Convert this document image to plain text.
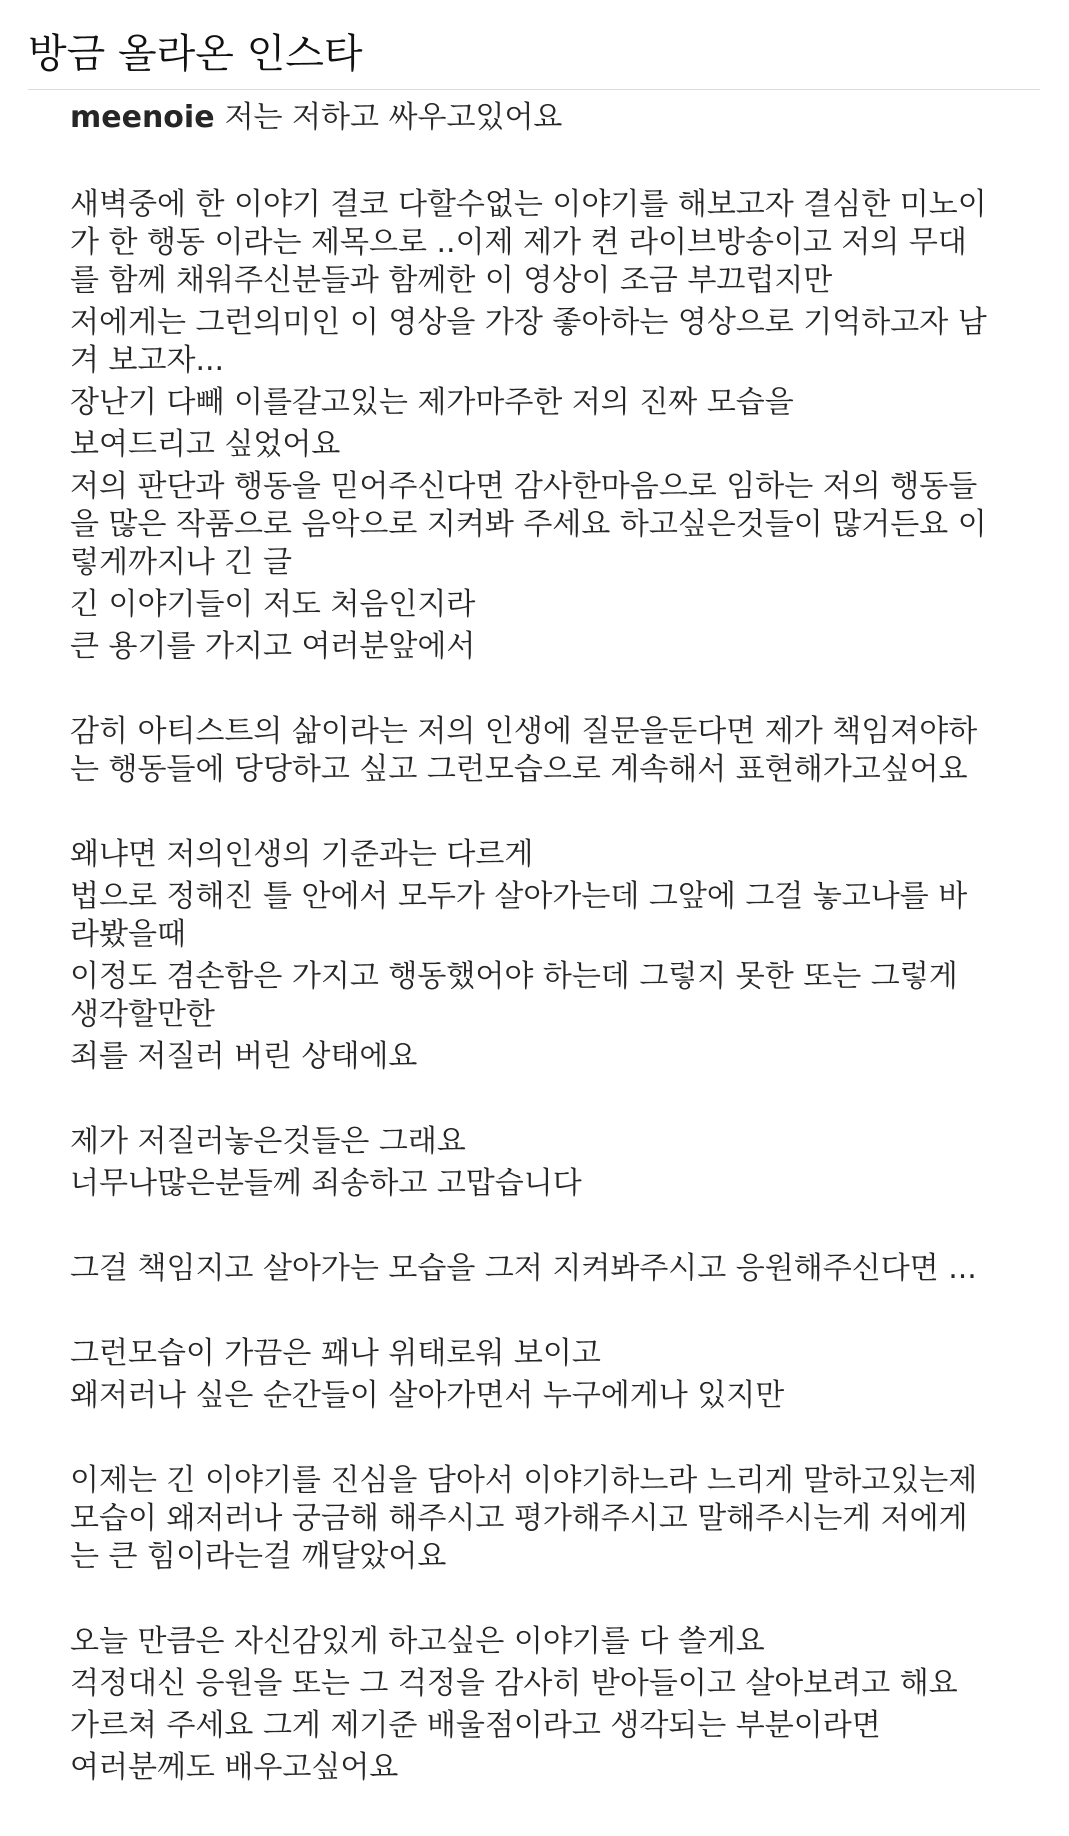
방금 올라온 인스타
meenoie 저는 저하고 싸우고있어요
새벽중에 한 이야기 결코 다할수없는 이야기를 해보고자 결심한 미노이
가 한 행동 이라는 제목으로 ..이제 제가 켠 라이브방송이고 저의 무대
를 함께 채워주신분들과 함께한 이 영상이 조금 부끄럽지만
저에게는 그런의미인 이 영상을 가장 좋아하는 영상으로 기억하고자 남
겨 보고자...
장난기 다빼 이를갈고있는 제가마주한 저의 진짜 모습을
보여드리고 싶었어요
저의 판단과 행동을 믿어주신다면 감사한마음으로 임하는 저의 행동들
을 많은 작품으로 음악으로 지켜봐 주세요 하고싶은것들이 많거든요 이
렇게까지나 긴 글
긴 이야기들이 저도 처음인지라
큰 용기를 가지고 여러분앞에서
감히 아티스트의 삶이라는 저의 인생에 질문을둔다면 제가 책임져야하
는 행동들에 당당하고 싶고 그런모습으로 계속해서 표현해가고싶어요
왜냐면 저의인생의 기준과는 다르게
법으로 정해진 틀 안에서 모두가 살아가는데 그앞에 그걸 놓고나를 바
라봤을때
이정도 겸손함은 가지고 행동했어야 하는데 그렇지 못한 또는 그렇게
생각할만한
죄를 저질러 버린 상태에요
제가 저질러놓은것들은 그래요
너무나많은분들께 죄송하고 고맙습니다
그걸 책임지고 살아가는 모습을 그저 지켜봐주시고 응원해주신다면 ...
그런모습이 가끔은 꽤나 위태로워 보이고
왜저러나 싶은 순간들이 살아가면서 누구에게나 있지만
이제는 긴 이야기를 진심을 담아서 이야기하느라 느리게 말하고있는제
모습이 왜저러나 궁금해 해주시고 평가해주시고 말해주시는게 저에게
는 큰 힘이라는걸 깨달았어요
오늘 만큼은 자신감있게 하고싶은 이야기를 다 쓸게요
걱정대신 응원을 또는 그 걱정을 감사히 받아들이고 살아보려고 해요
가르쳐 주세요 그게 제기준 배울점이라고 생각되는 부분이라면
여러분께도 배우고싶어요
